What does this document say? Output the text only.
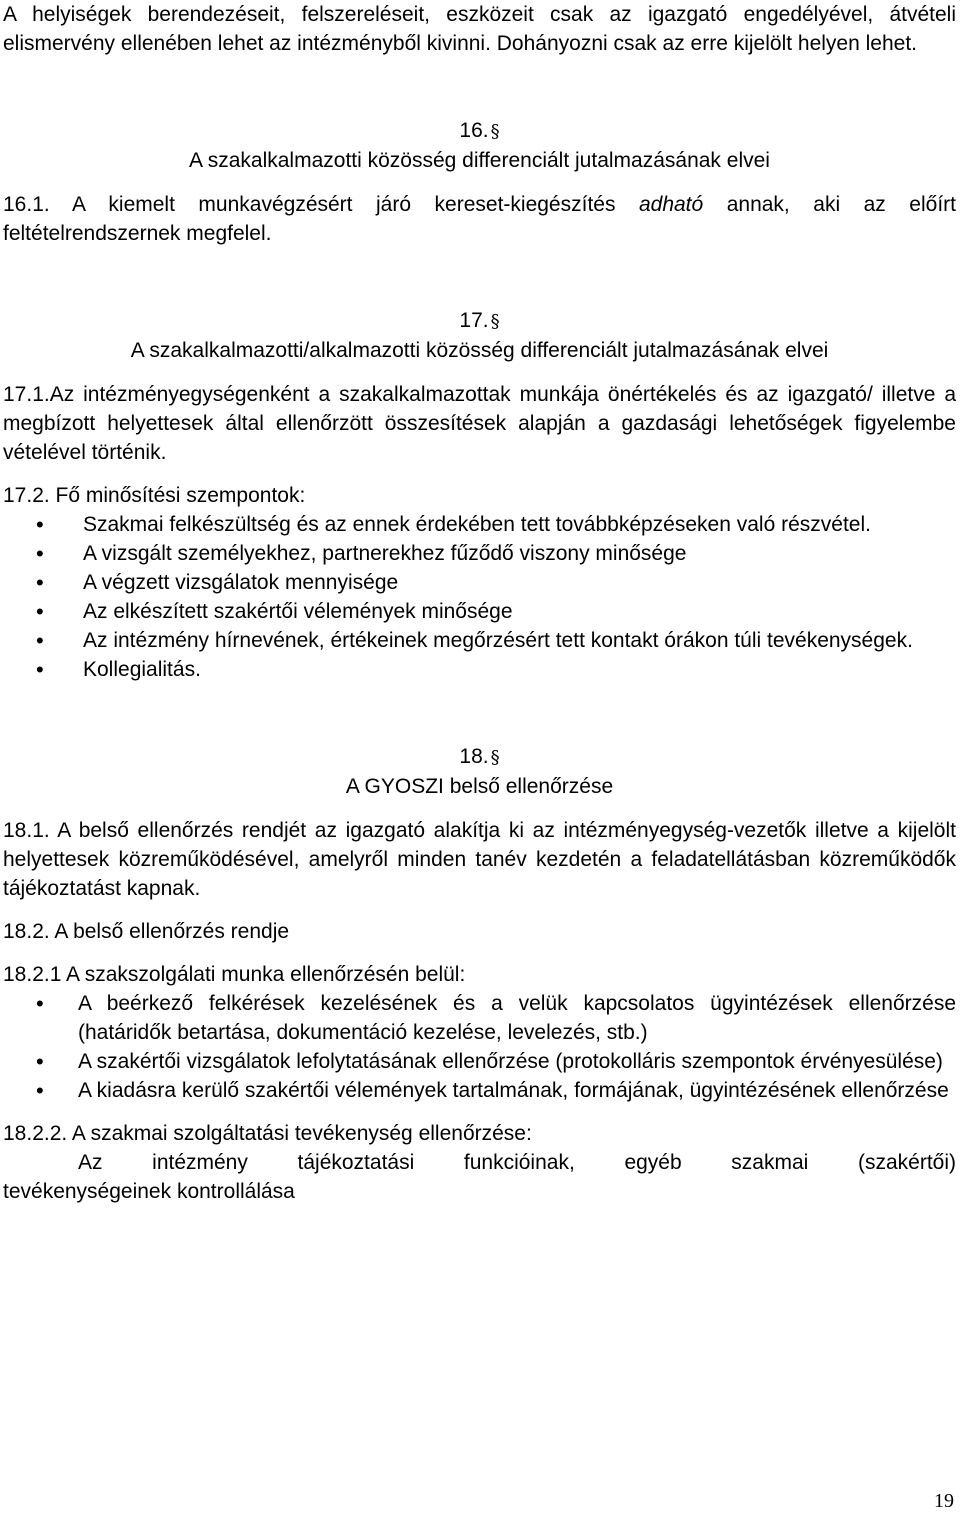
A helyiségek berendezéseit, felszereléseit, eszközeit csak az igazgató engedélyével, átvételi elismervény ellenében lehet az intézményből kivinni. Dohányozni csak az erre kijelölt helyen lehet.

16. §

A szakalkalmazotti közösség differenciált jutalmazásának elvei

16.1. A kiemelt munkavégzésért járó kereset-kiegészítés adható annak, aki az előírt feltételrendszernek megfelel.

17. §

A szakalkalmazotti/alkalmazotti közösség differenciált jutalmazásának elvei

17.1.Az intézményegységenként a szakalkalmazottak munkája önértékelés és az igazgató/ illetve a megbízott helyettesek által ellenőrzött összesítések alapján a gazdasági lehetőségek figyelembe vételével történik.

17.2. Fő minősítési szempontok:

• Szakmai felkészültség és az ennek érdekében tett továbbképzéseken való részvétel.
• A vizsgált személyekhez, partnerekhez fűződő viszony minősége
• A végzett vizsgálatok mennyisége
• Az elkészített szakértői vélemények minősége
• Az intézmény hírnevének, értékeinek megőrzésért tett kontakt órákon túli tevékenységek.
• Kollegialitás.

18. §

A GYOSZI belső ellenőrzése

18.1. A belső ellenőrzés rendjét az igazgató alakítja ki az intézményegység-vezetők illetve a kijelölt helyettesek közreműködésével, amelyről minden tanév kezdetén a feladatellátásban közreműködők tájékoztatást kapnak.

18.2. A belső ellenőrzés rendje

18.2.1 A szakszolgálati munka ellenőrzésén belül:

• A beérkező felkérések kezelésének és a velük kapcsolatos ügyintézések ellenőrzése (határidők betartása, dokumentáció kezelése, levelezés, stb.)
• A szakértői vizsgálatok lefolytatásának ellenőrzése (protokolláris szempontok érvényesülése)
• A kiadásra kerülő szakértői vélemények tartalmának, formájának, ügyintézésének ellenőrzése

18.2.2. A szakmai szolgáltatási tevékenység ellenőrzése:

Az intézmény tájékoztatási funkcióinak, egyéb szakmai (szakértői)

tevékenységeinek kontrollálása

19
